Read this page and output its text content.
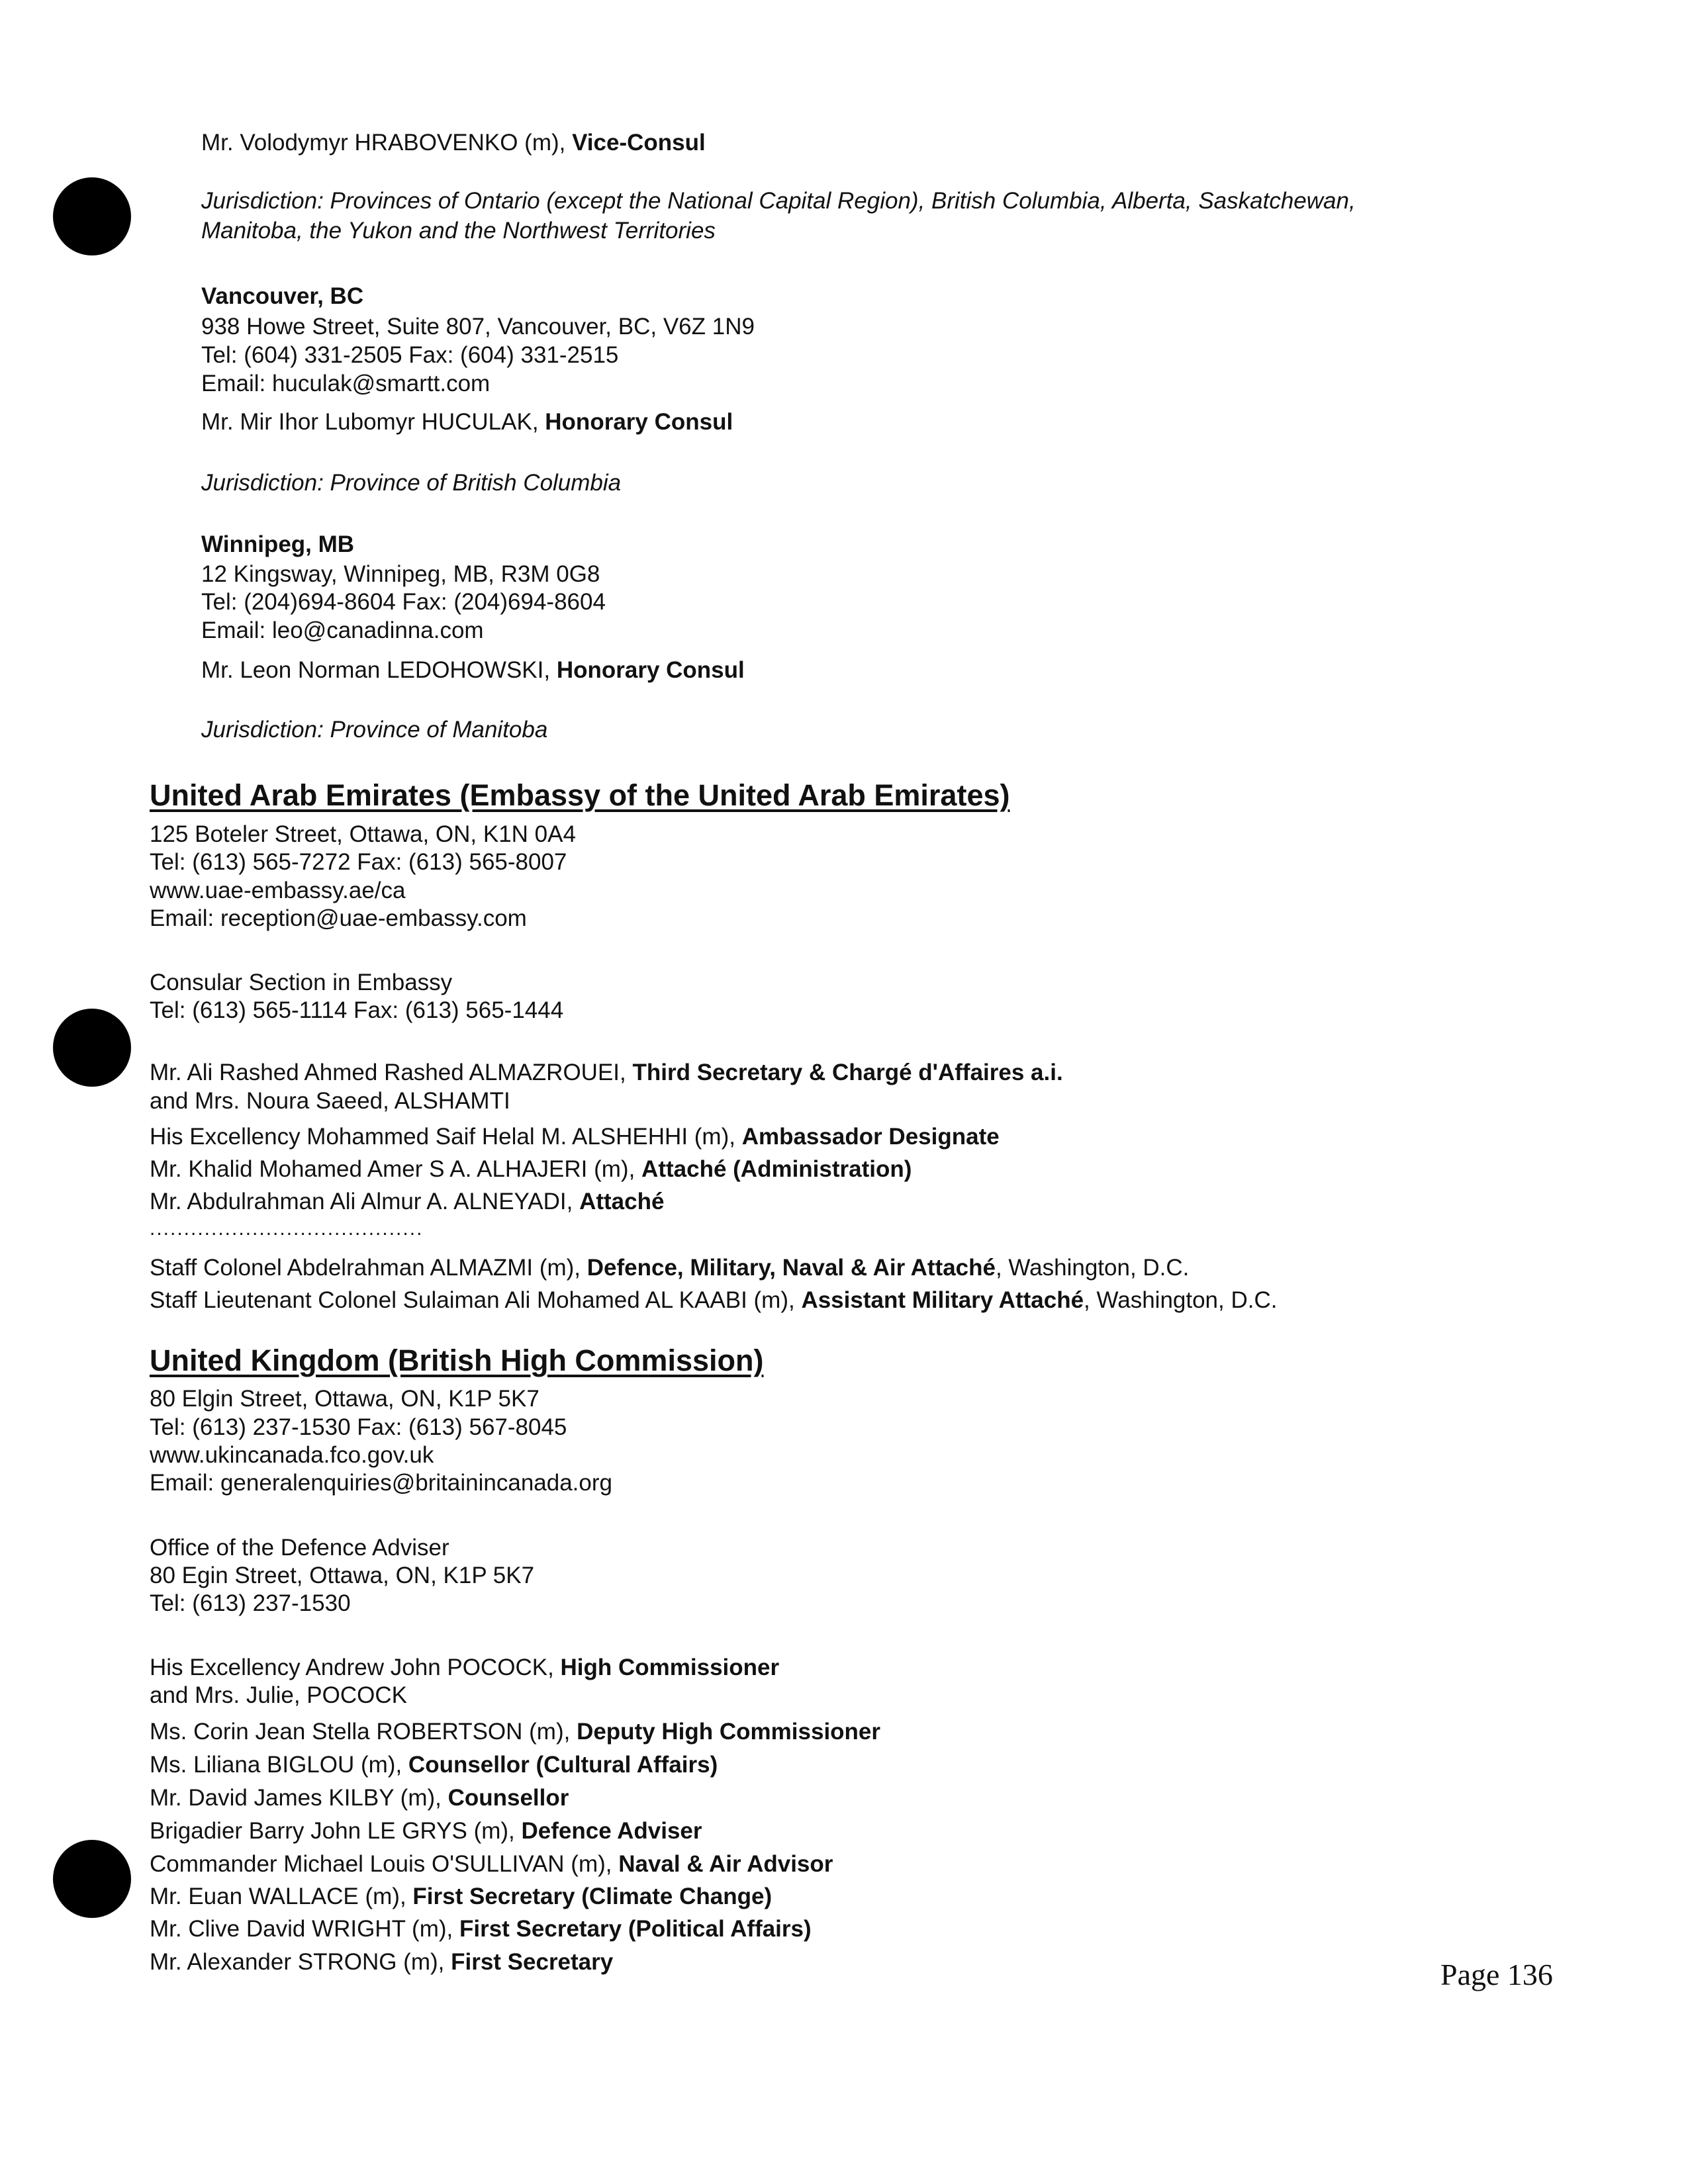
Mr. Volodymyr HRABOVENKO (m), Vice-Consul
Jurisdiction: Provinces of Ontario (except the National Capital Region), British Columbia, Alberta, Saskatchewan,
Manitoba, the Yukon and the Northwest Territories
Vancouver, BC
938 Howe Street, Suite 807, Vancouver, BC, V6Z 1N9
Tel: (604) 331-2505 Fax: (604) 331-2515
Email: huculak@smartt.com
Mr. Mir Ihor Lubomyr HUCULAK, Honorary Consul
Jurisdiction: Province of British Columbia
Winnipeg, MB
12 Kingsway, Winnipeg, MB, R3M 0G8
Tel: (204)694-8604 Fax: (204)694-8604
Email: leo@canadinna.com
Mr. Leon Norman LEDOHOWSKI, Honorary Consul
Jurisdiction: Province of Manitoba
United Arab Emirates (Embassy of the United Arab Emirates)
125 Boteler Street, Ottawa, ON, K1N 0A4
Tel: (613) 565-7272 Fax: (613) 565-8007
www.uae-embassy.ae/ca
Email: reception@uae-embassy.com
Consular Section in Embassy
Tel: (613) 565-1114 Fax: (613) 565-1444
Mr. Ali Rashed Ahmed Rashed ALMAZROUEI, Third Secretary & Chargé d'Affaires a.i.
and Mrs. Noura Saeed, ALSHAMTI
His Excellency Mohammed Saif Helal M. ALSHEHHI (m), Ambassador Designate
Mr. Khalid Mohamed Amer S A. ALHAJERI (m), Attaché (Administration)
Mr. Abdulrahman Ali Almur A. ALNEYADI, Attaché
........................................
Staff Colonel Abdelrahman ALMAZMI (m), Defence, Military, Naval & Air Attaché, Washington, D.C.
Staff Lieutenant Colonel Sulaiman Ali Mohamed AL KAABI (m), Assistant Military Attaché, Washington, D.C.
United Kingdom (British High Commission)
80 Elgin Street, Ottawa, ON, K1P 5K7
Tel: (613) 237-1530 Fax: (613) 567-8045
www.ukincanada.fco.gov.uk
Email: generalenquiries@britainincanada.org
Office of the Defence Adviser
80 Egin Street, Ottawa, ON, K1P 5K7
Tel: (613) 237-1530
His Excellency Andrew John POCOCK, High Commissioner
and Mrs. Julie, POCOCK
Ms. Corin Jean Stella ROBERTSON (m), Deputy High Commissioner
Ms. Liliana BIGLOU (m), Counsellor (Cultural Affairs)
Mr. David James KILBY (m), Counsellor
Brigadier Barry John LE GRYS (m), Defence Adviser
Commander Michael Louis O'SULLIVAN (m), Naval & Air Advisor
Mr. Euan WALLACE (m), First Secretary (Climate Change)
Mr. Clive David WRIGHT (m), First Secretary (Political Affairs)
Mr. Alexander STRONG (m), First Secretary	Page 136
